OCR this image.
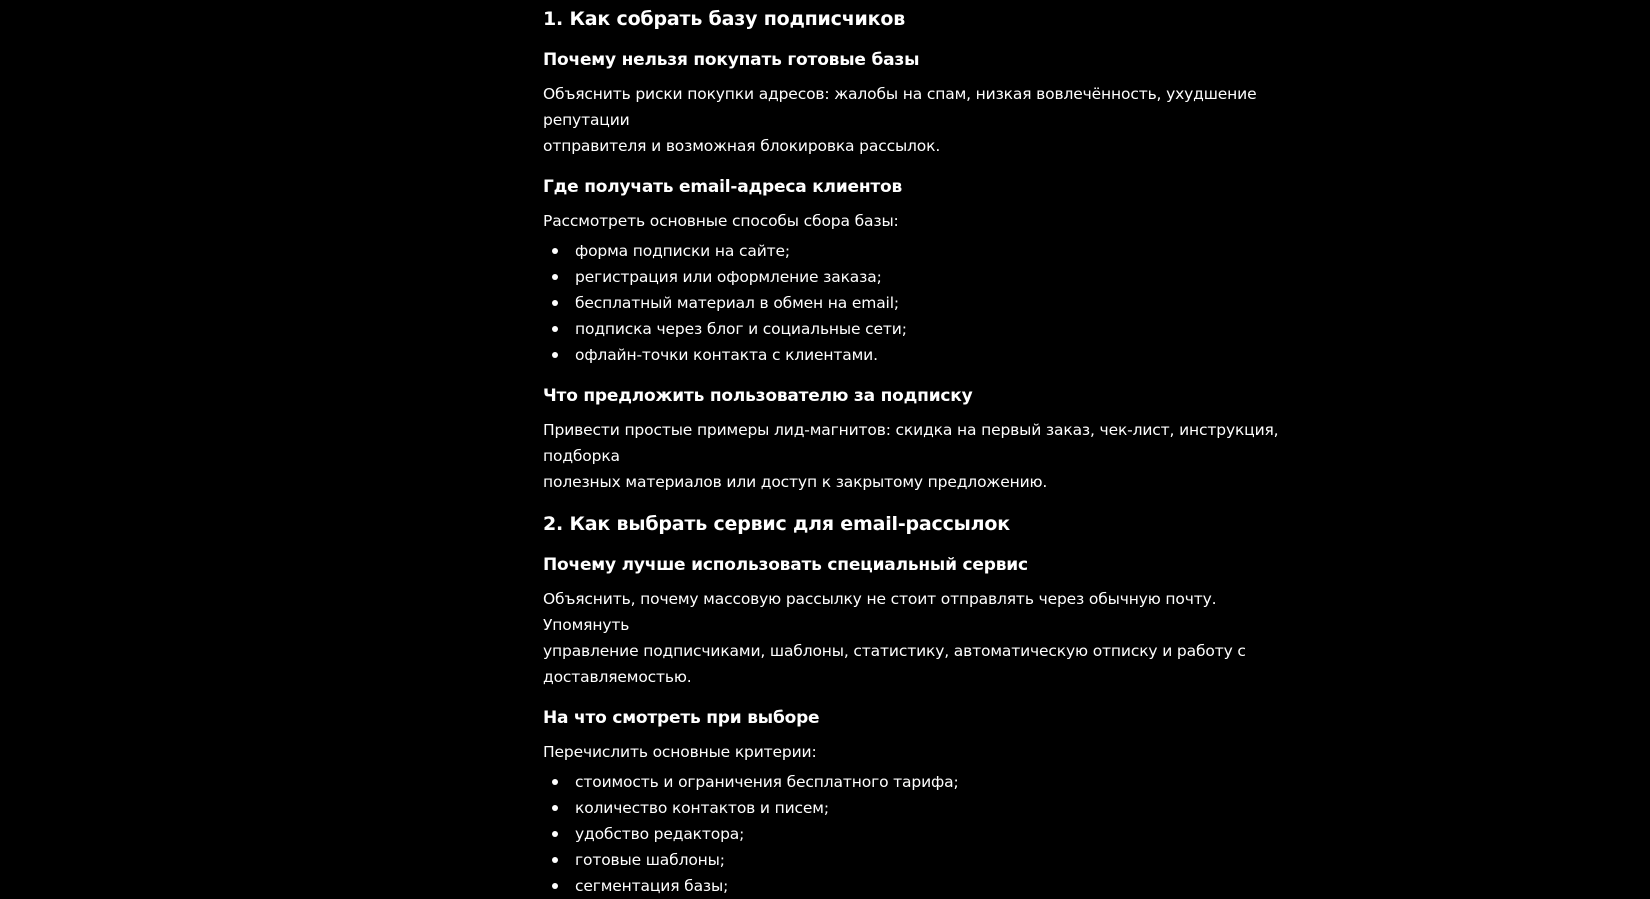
1. Как собрать базу подписчиков
Почему нельзя покупать готовые базы

Объяснить риски покупки адресов: жалобы на спам, низкая вовлечённость, ухудшение репутации
отправителя и возможная блокировка рассылок.

Где получать email-адреса клиентов

Рассмотреть основные способы сбора базы:

форма подписки на сайте;
регистрация или оформление заказа;
бесплатный материал в обмен на email;
подписка через блог и социальные сети;
офлайн-точки контакта с клиентами.
Что предложить пользователю за подписку

Привести простые примеры лид-магнитов: скидка на первый заказ, чек-лист, инструкция, подборка
полезных материалов или доступ к закрытому предложению.

2. Как выбрать сервис для email-рассылок
Почему лучше использовать специальный сервис

Объяснить, почему массовую рассылку не стоит отправлять через обычную почту. Упомянуть
управление подписчиками, шаблоны, статистику, автоматическую отписку и работу с
доставляемостью.

На что смотреть при выборе

Перечислить основные критерии:

стоимость и ограничения бесплатного тарифа;
количество контактов и писем;
удобство редактора;
готовые шаблоны;
сегментация базы;
